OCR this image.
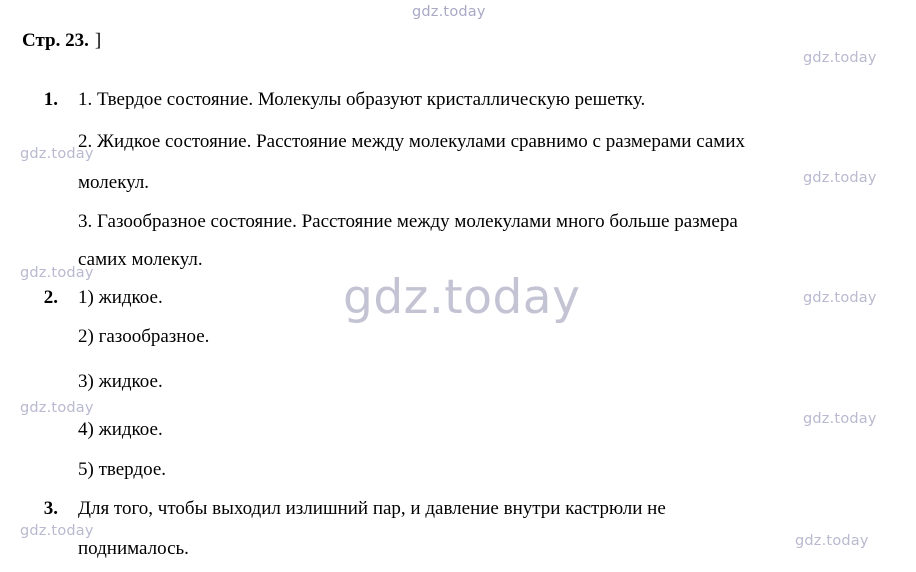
gdz.today
gdz.today
gdz.today
gdz.today
gdz.today
gdz.today
gdz.today
gdz.today
gdz.today
gdz.today
gdz.today
Стр. 23. ]
1. 1. Твердое состояние. Молекулы образуют кристаллическую решетку.
2. Жидкое состояние. Расстояние между молекулами сравнимо с размерами самих
молекул.
3. Газообразное состояние. Расстояние между молекулами много больше размера
самих молекул.
2. 1) жидкое.
2) газообразное.
3) жидкое.
4) жидкое.
5) твердое.
3. Для того, чтобы выходил излишний пар, и давление внутри кастрюли не
поднималось.
